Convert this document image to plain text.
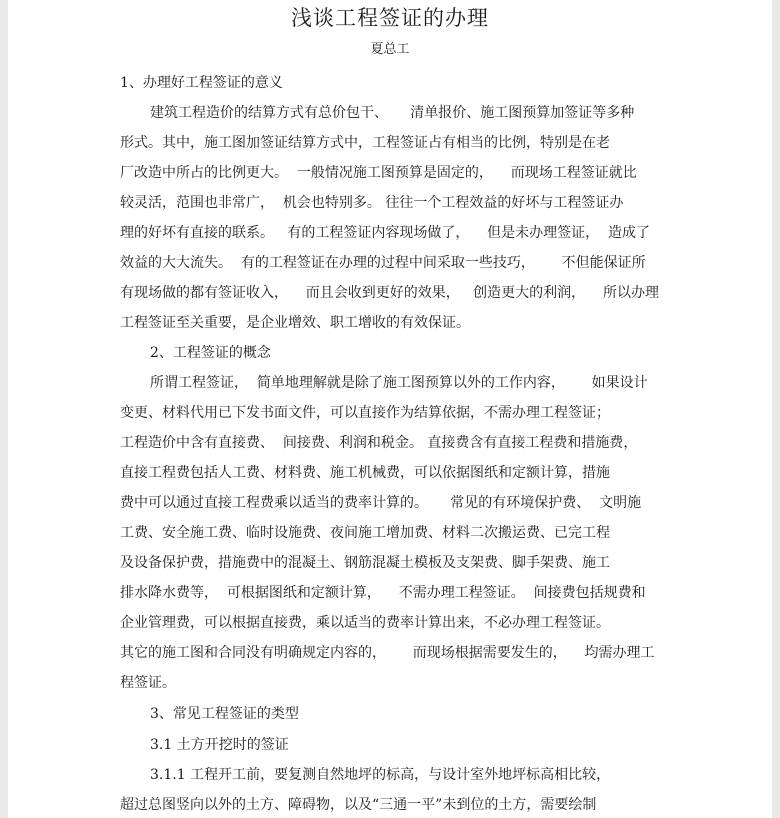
浅谈工程签证的办理
夏总工
1、办理好工程签证的意义
建筑工程造价的结算方式有总价包干、     清单报价、施工图预算加签证等多种
形式。其中，施工图加签证结算方式中，工程签证占有相当的比例，特别是在老
厂改造中所占的比例更大。  一般情况施工图预算是固定的，    而现场工程签证就比
较灵活，范围也非常广，  机会也特别多。 往往一个工程效益的好坏与工程签证办
理的好坏有直接的联系。   有的工程签证内容现场做了，    但是未办理签证，  造成了
效益的大大流失。  有的工程签证在办理的过程中间采取一些技巧，      不但能保证所
有现场做的都有签证收入，    而且会收到更好的效果，   创造更大的利润，    所以办理
工程签证至关重要，是企业增效、职工增收的有效保证。
2、工程签证的概念
所谓工程签证，  简单地理解就是除了施工图预算以外的工作内容，      如果设计
变更、材料代用已下发书面文件，可以直接作为结算依据，不需办理工程签证；
工程造价中含有直接费、  间接费、利润和税金。 直接费含有直接工程费和措施费，
直接工程费包括人工费、材料费、施工机械费，可以依据图纸和定额计算，措施
费中可以通过直接工程费乘以适当的费率计算的。     常见的有环境保护费、  文明施
工费、安全施工费、临时设施费、夜间施工增加费、材料二次搬运费、已完工程
及设备保护费，措施费中的混凝土、钢筋混凝土模板及支架费、脚手架费、施工
排水降水费等，  可根据图纸和定额计算，    不需办理工程签证。  间接费包括规费和
企业管理费，可以根据直接费，乘以适当的费率计算出来，不必办理工程签证。
其它的施工图和合同没有明确规定内容的，      而现场根据需要发生的，    均需办理工
程签证。
3、常见工程签证的类型
3.1 土方开挖时的签证
3.1.1 工程开工前，要复测自然地坪的标高，与设计室外地坪标高相比较，
超过总图竖向以外的土方、障碍物，以及“三通一平”未到位的土方，需要绘制
